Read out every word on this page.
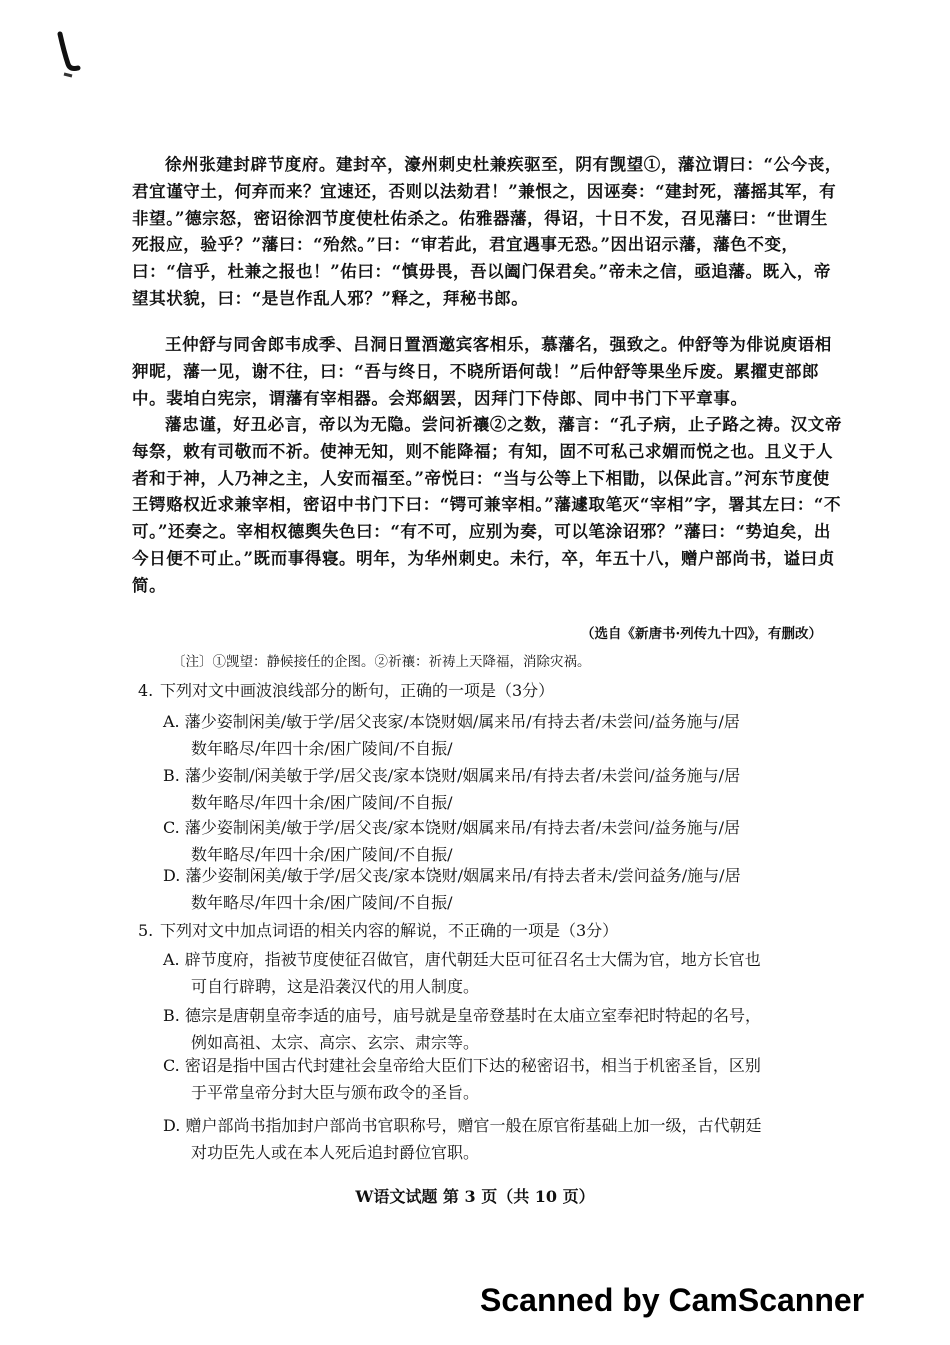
徐州张建封辟节度府。建封卒，濠州刺史杜兼疾驱至，阴有觊望①，藩泣谓曰：“公今丧，君宜谨守土，何弃而来？宜速还，否则以法劾君！”兼恨之，因诬奏：“建封死，藩摇其军，有非望。”德宗怒，密诏徐泗节度使杜佑杀之。佑雅器藩，得诏，十日不发，召见藩曰：“世谓生死报应，验乎？”藩曰：“殆然。”曰：“审若此，君宜遇事无恐。”因出诏示藩，藩色不变，曰：“信乎，杜兼之报也！”佑曰：“慎毋畏，吾以阖门保君矣。”帝未之信，亟追藩。既入，帝望其状貌，曰：“是岂作乱人邪？”释之，拜秘书郎。

王仲舒与同舍郎韦成季、吕洞日置酒邀宾客相乐，慕藩名，强致之。仲舒等为俳说庾语相狎昵，藩一见，谢不往，曰：“吾与终日，不晓所语何哉！”后仲舒等果坐斥废。累擢吏部郎中。裴垍白宪宗，谓藩有宰相器。会郑絪罢，因拜门下侍郎、同中书门下平章事。

藩忠谨，好丑必言，帝以为无隐。尝问祈禳②之数，藩言：“孔子病，止子路之祷。汉文帝每祭，敕有司敬而不祈。使神无知，则不能降福；有知，固不可私己求媚而悦之也。且义于人者和于神，人乃神之主，人安而福至。”帝悦曰：“当与公等上下相勖，以保此言。”河东节度使王锷赂权近求兼宰相，密诏中书门下曰：“锷可兼宰相。”藩遽取笔灭“宰相”字，署其左曰：“不可。”还奏之。宰相权德舆失色曰：“有不可，应别为奏，可以笔涂诏邪？”藩曰：“势迫矣，出今日便不可止。”既而事得寝。明年，为华州刺史。未行，卒，年五十八，赠户部尚书，谥曰贞简。

（选自《新唐书·列传九十四》，有删改）
〔注〕①觊望：静候接任的企图。②祈禳：祈祷上天降福，消除灾祸。
4. 下列对文中画波浪线部分的断句，正确的一项是（3分）
A. 藩少姿制闲美/敏于学/居父丧家/本饶财姻/属来吊/有持去者/未尝问/益务施与/居
数年略尽/年四十余/困广陵间/不自振/
B. 藩少姿制/闲美敏于学/居父丧/家本饶财/姻属来吊/有持去者/未尝问/益务施与/居
数年略尽/年四十余/困广陵间/不自振/
C. 藩少姿制闲美/敏于学/居父丧/家本饶财/姻属来吊/有持去者/未尝问/益务施与/居
数年略尽/年四十余/困广陵间/不自振/
D. 藩少姿制闲美/敏于学/居父丧/家本饶财/姻属来吊/有持去者未/尝问益务/施与/居
数年略尽/年四十余/困广陵间/不自振/
5. 下列对文中加点词语的相关内容的解说，不正确的一项是（3分）
A. 辟节度府，指被节度使征召做官，唐代朝廷大臣可征召名士大儒为官，地方长官也
可自行辟聘，这是沿袭汉代的用人制度。
B. 德宗是唐朝皇帝李适的庙号，庙号就是皇帝登基时在太庙立室奉祀时特起的名号，
例如高祖、太宗、高宗、玄宗、肃宗等。
C. 密诏是指中国古代封建社会皇帝给大臣们下达的秘密诏书，相当于机密圣旨，区别
于平常皇帝分封大臣与颁布政令的圣旨。
D. 赠户部尚书指加封户部尚书官职称号，赠官一般在原官衔基础上加一级，古代朝廷
对功臣先人或在本人死后追封爵位官职。
W语文试题 第 3 页（共 10 页）
Scanned by CamScanner
